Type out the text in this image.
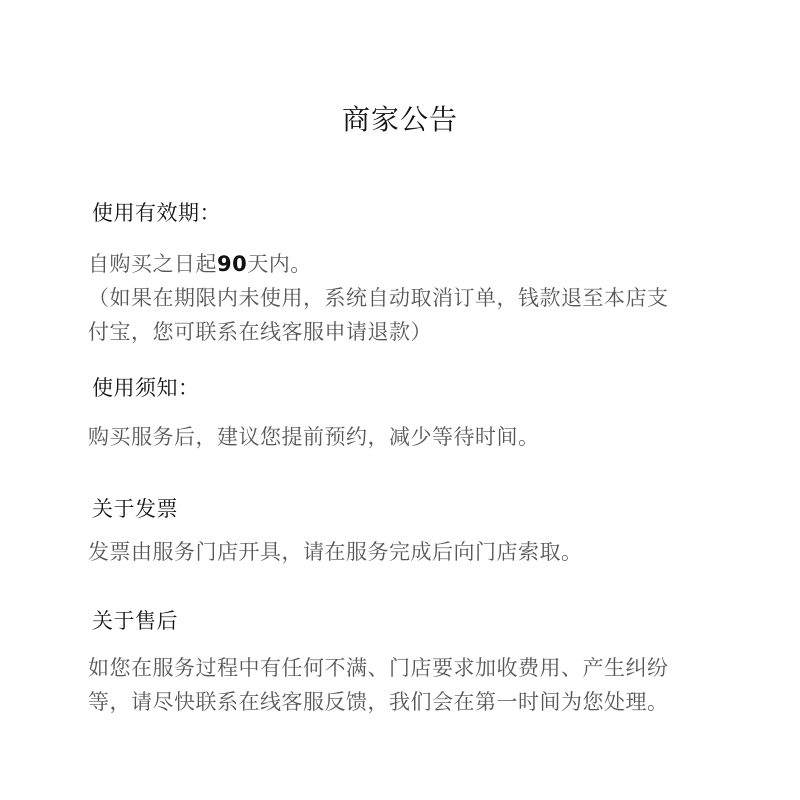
商家公告
使用有效期：
自购买之日起90天内。
（如果在期限内未使用，系统自动取消订单，钱款退至本店支
付宝，您可联系在线客服申请退款）
使用须知：
购买服务后，建议您提前预约，减少等待时间。
关于发票
发票由服务门店开具，请在服务完成后向门店索取。
关于售后
如您在服务过程中有任何不满、门店要求加收费用、产生纠纷
等，请尽快联系在线客服反馈，我们会在第一时间为您处理。
